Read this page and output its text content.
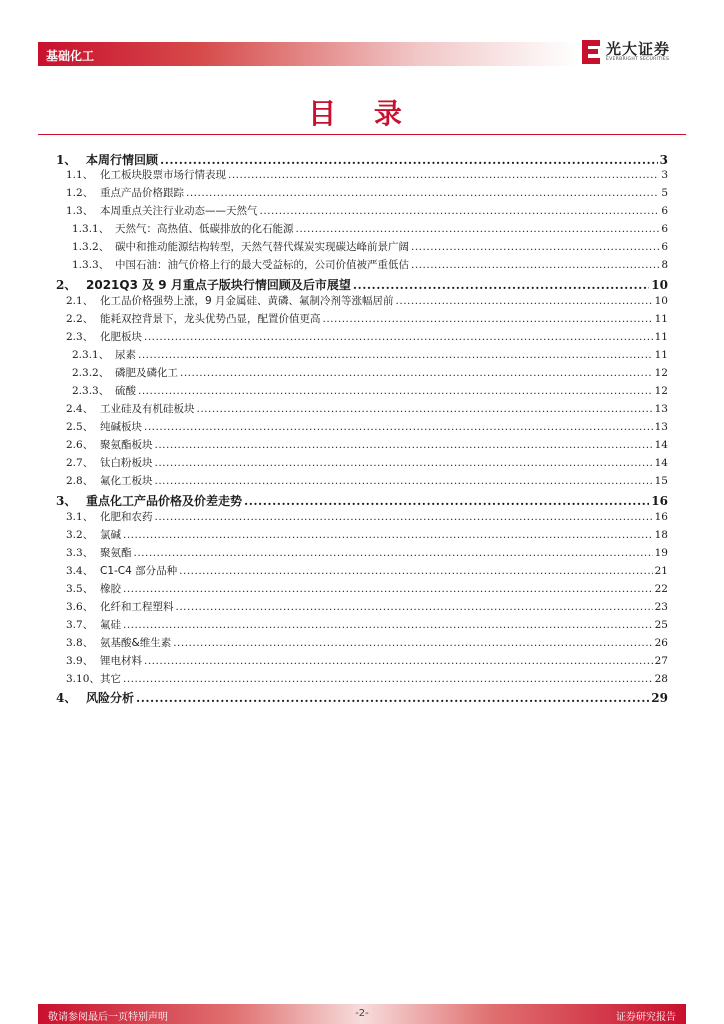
基础化工	光大证券
EVERBRIGHT SECURITIES
目 录
1、 本周行情回顾 .....	3
1.1、 化工板块股票市场行情表现 .....	3
1.2、 重点产品价格跟踪 .....	5
1.3、 本周重点关注行业动态——天然气 .....	6
1.3.1、 天然气：高热值、低碳排放的化石能源 .....	6
1.3.2、 碳中和推动能源结构转型，天然气替代煤炭实现碳达峰前景广阔 .....	6
1.3.3、 中国石油：油气价格上行的最大受益标的，公司价值被严重低估 .....	8
2、 2021Q3 及 9 月重点子版块行情回顾及后市展望 .....	10
2.1、 化工品价格强势上涨，9 月金属硅、黄磷、氟制冷剂等涨幅居前 .....	10
2.2、 能耗双控背景下，龙头优势凸显，配置价值更高 .....	11
2.3、 化肥板块 .....	11
2.3.1、 尿素 .....	11
2.3.2、 磷肥及磷化工 .....	12
2.3.3、 硫酸 .....	12
2.4、 工业硅及有机硅板块 .....	13
2.5、 纯碱板块 .....	13
2.6、 聚氨酯板块 .....	14
2.7、 钛白粉板块 .....	14
2.8、 氟化工板块 .....	15
3、 重点化工产品价格及价差走势 .....	16
3.1、 化肥和农药 .....	16
3.2、 氯碱 .....	18
3.3、 聚氨酯 .....	19
3.4、 C1-C4 部分品种 .....	21
3.5、 橡胶 .....	22
3.6、 化纤和工程塑料 .....	23
3.7、 氟硅 .....	25
3.8、 氨基酸&维生素 .....	26
3.9、 锂电材料 .....	27
3.10、 其它 .....	28
4、 风险分析 .....	29
敬请参阅最后一页特别声明	-2-	证券研究报告
